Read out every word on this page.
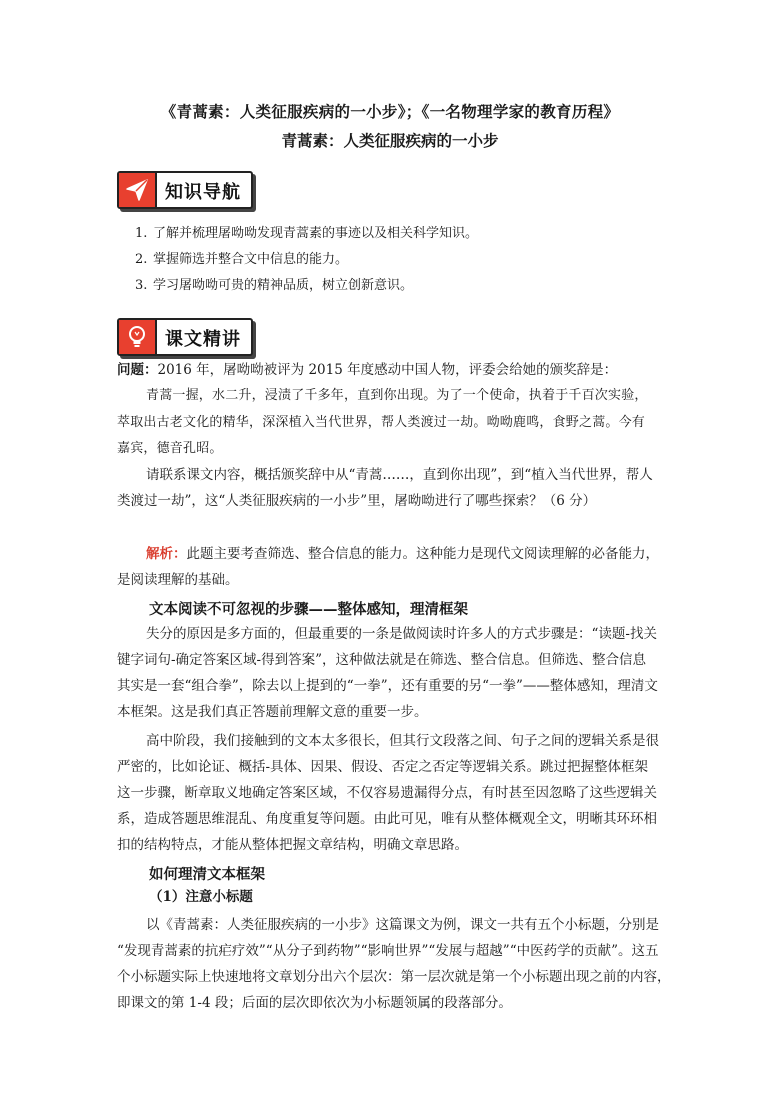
《青蒿素：人类征服疾病的一小步》；《一名物理学家的教育历程》
青蒿素：人类征服疾病的一小步
知识导航
1. 了解并梳理屠呦呦发现青蒿素的事迹以及相关科学知识。
2. 掌握筛选并整合文中信息的能力。
3. 学习屠呦呦可贵的精神品质，树立创新意识。
课文精讲
问题：2016 年，屠呦呦被评为 2015 年度感动中国人物，评委会给她的颁奖辞是：
青蒿一握，水二升，浸渍了千多年，直到你出现。为了一个使命，执着于千百次实验，
萃取出古老文化的精华，深深植入当代世界，帮人类渡过一劫。呦呦鹿鸣，食野之蒿。今有
嘉宾，德音孔昭。
请联系课文内容，概括颁奖辞中从“青蒿……，直到你出现”，到“植入当代世界，帮人
类渡过一劫”，这“人类征服疾病的一小步”里，屠呦呦进行了哪些探索？（6 分）
解析：此题主要考查筛选、整合信息的能力。这种能力是现代文阅读理解的必备能力，
是阅读理解的基础。
文本阅读不可忽视的步骤——整体感知，理清框架
失分的原因是多方面的，但最重要的一条是做阅读时许多人的方式步骤是：“读题-找关
键字词句-确定答案区域-得到答案”，这种做法就是在筛选、整合信息。但筛选、整合信息
其实是一套“组合拳”，除去以上提到的“一拳”，还有重要的另“一拳”——整体感知，理清文
本框架。这是我们真正答题前理解文意的重要一步。
高中阶段，我们接触到的文本太多很长，但其行文段落之间、句子之间的逻辑关系是很
严密的，比如论证、概括-具体、因果、假设、否定之否定等逻辑关系。跳过把握整体框架
这一步骤，断章取义地确定答案区域，不仅容易遗漏得分点，有时甚至因忽略了这些逻辑关
系，造成答题思维混乱、角度重复等问题。由此可见，唯有从整体概观全文，明晰其环环相
扣的结构特点，才能从整体把握文章结构，明确文章思路。
如何理清文本框架
（1）注意小标题
以《青蒿素：人类征服疾病的一小步》这篇课文为例，课文一共有五个小标题，分别是
“发现青蒿素的抗疟疗效”“从分子到药物”“影响世界”“发展与超越”“中医药学的贡献”。这五
个小标题实际上快速地将文章划分出六个层次：第一层次就是第一个小标题出现之前的内容，
即课文的第 1-4 段；后面的层次即依次为小标题领属的段落部分。
